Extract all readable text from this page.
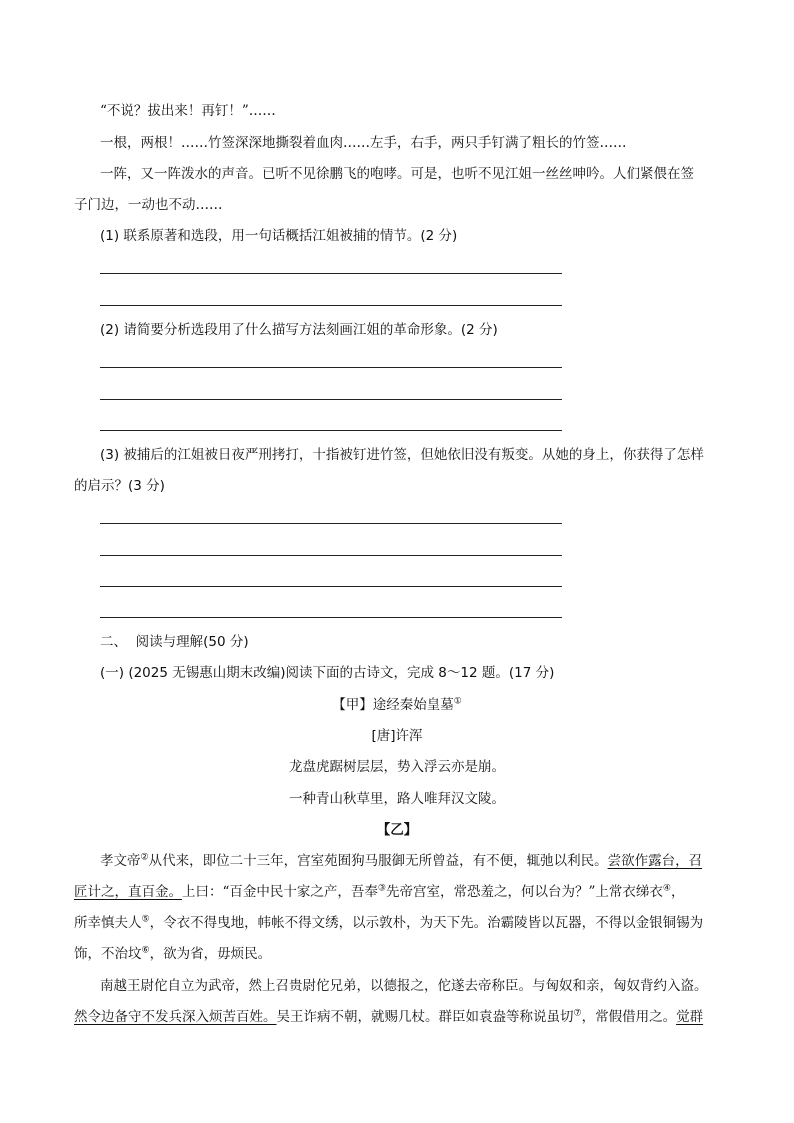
“不说？拔出来！再钉！”……
一根，两根！……竹签深深地撕裂着血肉……左手，右手，两只手钉满了粗长的竹签……
一阵，又一阵泼水的声音。已听不见徐鹏飞的咆哮。可是，也听不见江姐一丝丝呻吟。人们紧偎在签
子门边，一动也不动……
(1) 联系原著和选段，用一句话概括江姐被捕的情节。(2 分)
(2) 请简要分析选段用了什么描写方法刻画江姐的革命形象。(2 分)
(3) 被捕后的江姐被日夜严刑拷打，十指被钉进竹签，但她依旧没有叛变。从她的身上，你获得了怎样
的启示？(3 分)
二、  阅读与理解(50 分)
(一) (2025 无锡惠山期末改编)阅读下面的古诗文，完成 8～12 题。(17 分)
【甲】途经秦始皇墓①
[唐]许浑
龙盘虎踞树层层，势入浮云亦是崩。
一种青山秋草里，路人唯拜汉文陵。
【乙】
孝文帝②从代来，即位二十三年，宫室苑囿狗马服御无所曾益，有不便，辄弛以利民。尝欲作露台，召
匠计之，直百金。上曰：“百金中民十家之产，吾奉③先帝宫室，常恐羞之，何以台为？”上常衣绨衣④，
所幸慎夫人⑤，令衣不得曳地，帏帐不得文绣，以示敦朴，为天下先。治霸陵皆以瓦器，不得以金银铜锡为
饰，不治坟⑥，欲为省，毋烦民。
南越王尉佗自立为武帝，然上召贵尉佗兄弟，以德报之，佗遂去帝称臣。与匈奴和亲，匈奴背约入盗。
然令边备守不发兵深入烦苦百姓。吴王诈病不朝，就赐几杖。群臣如袁盎等称说虽切⑦，常假借用之。觉群
